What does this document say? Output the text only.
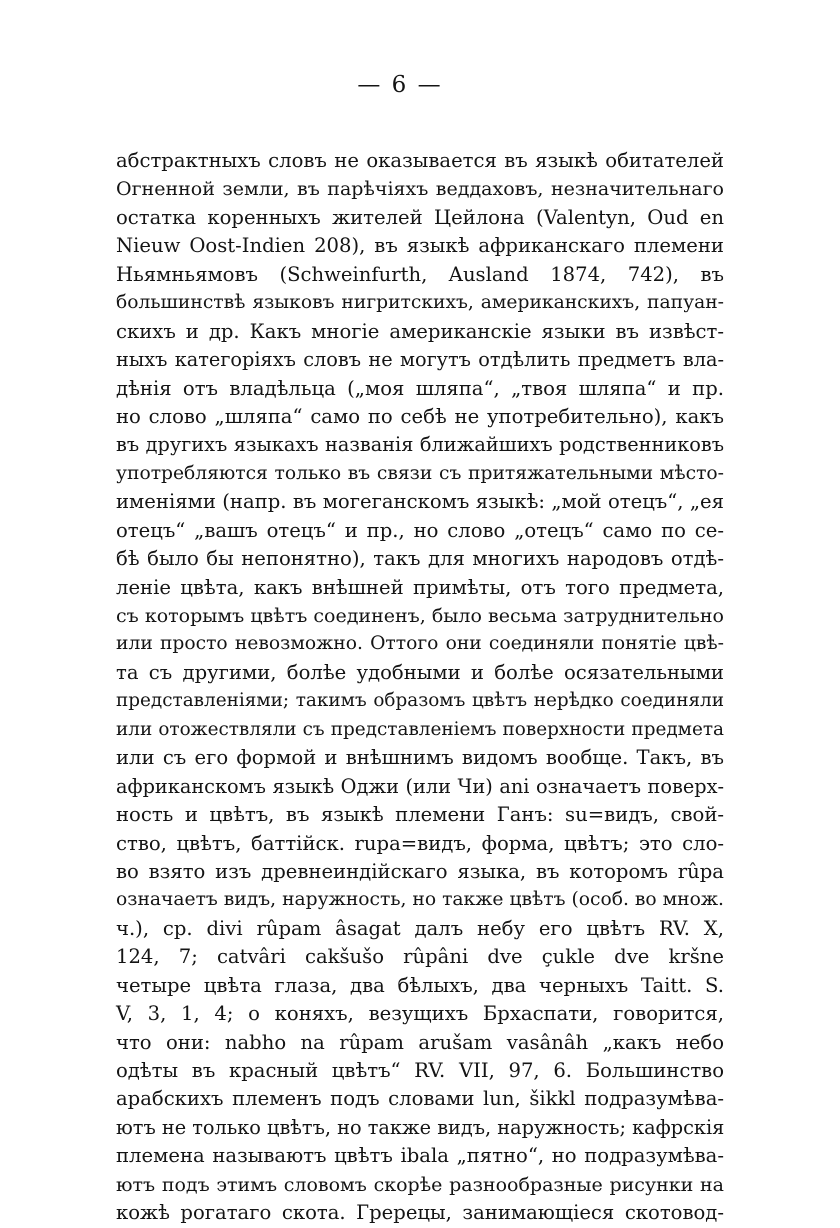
— 6 —
абстрактныхъ словъ не оказывается въ языкѣ обитателей
Огненной земли, въ парѣчіяхъ веддаховъ, незначительнаго
остатка коренныхъ жителей Цейлона (Valentyn, Oud en
Nieuw Oost-Indien 208), въ языкѣ африканскаго племени
Ньямньямовъ (Schweinfurth, Ausland 1874, 742), въ
большинствѣ языковъ нигритскихъ, американскихъ, папуан-
скихъ и др. Какъ многіе американскіе языки въ извѣст-
ныхъ категоріяхъ словъ не могутъ отдѣлить предметъ вла-
дѣнія отъ владѣльца („моя шляпа“, „твоя шляпа“ и пр.
но слово „шляпа“ само по себѣ не употребительно), какъ
въ другихъ языкахъ названія ближайшихъ родственниковъ
употребляются только въ связи съ притяжательными мѣсто-
именіями (напр. въ могеганскомъ языкѣ: „мой отецъ“, „ея
отецъ“ „вашъ отецъ“ и пр., но слово „отецъ“ само по се-
бѣ было бы непонятно), такъ для многихъ народовъ отдѣ-
леніе цвѣта, какъ внѣшней примѣты, отъ того предмета,
съ которымъ цвѣтъ соединенъ, было весьма затруднительно
или просто невозможно. Оттого они соединяли понятіе цвѣ-
та съ другими, болѣе удобными и болѣе осязательными
представленіями; такимъ образомъ цвѣтъ нерѣдко соединяли
или отожествляли съ представленіемъ поверхности предмета
или съ его формой и внѣшнимъ видомъ вообще. Такъ, въ
африканскомъ языкѣ Оджи (или Чи) ani означаетъ поверх-
ность и цвѣтъ, въ языкѣ племени Ганъ: su=видъ, свой-
ство, цвѣтъ, баттійск. rupa=видъ, форма, цвѣтъ; это сло-
во взято изъ древнеиндійскаго языка, въ которомъ rûpa
означаетъ видъ, наружность, но также цвѣтъ (особ. во множ.
ч.), ср. divi rûpam âsagat далъ небу его цвѣтъ RV. X,
124, 7; catvâri cakšušo rûpâni dve çukle dve kršne
четыре цвѣта глаза, два бѣлыхъ, два черныхъ Taitt. S.
V, 3, 1, 4; о коняхъ, везущихъ Брхаспати, говорится,
что они: nabho na rûpam arušam vasânâh „какъ небо
одѣты въ красный цвѣтъ“ RV. VII, 97, 6. Большинство
арабскихъ племенъ подъ словами lun, šikkl подразумѣва-
ютъ не только цвѣтъ, но также видъ, наружность; кафрскія
племена называютъ цвѣтъ ibala „пятно“, но подразумѣва-
ютъ подъ этимъ словомъ скорѣе разнообразные рисунки на
кожѣ рогатаго скота. Гререцы, занимающіеся скотовод-
